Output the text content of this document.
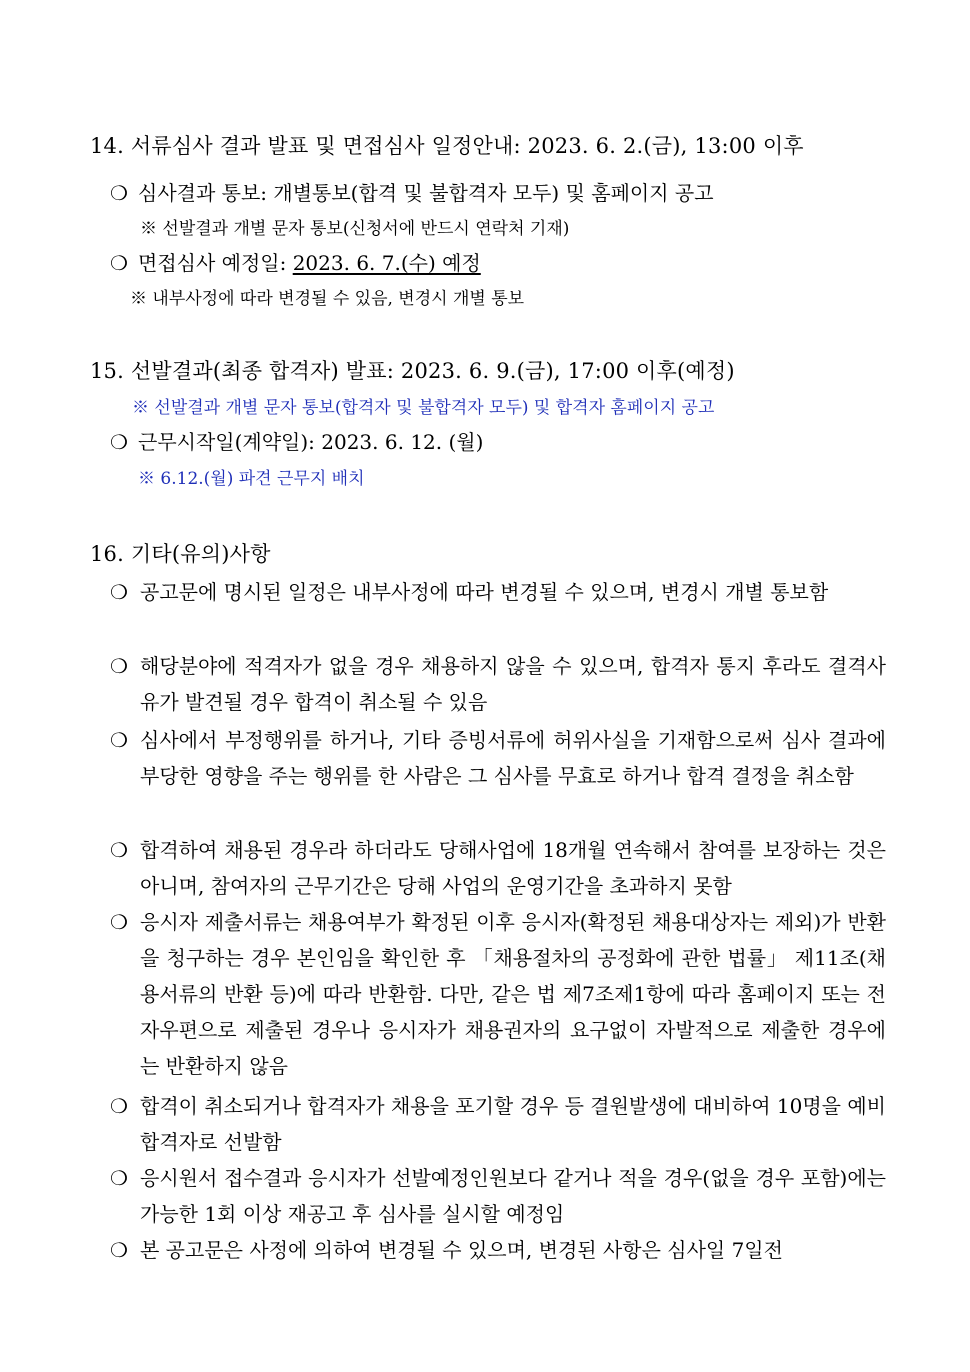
14. 서류심사 결과 발표 및 면접심사 일정안내: 2023. 6. 2.(금), 13:00 이후
❍ 심사결과 통보: 개별통보(합격 및 불합격자 모두) 및 홈페이지 공고
※ 선발결과 개별 문자 통보(신청서에 반드시 연락처 기재)
❍ 면접심사 예정일: 2023. 6. 7.(수) 예정
※ 내부사정에 따라 변경될 수 있음, 변경시 개별 통보
15. 선발결과(최종 합격자) 발표: 2023. 6. 9.(금), 17:00 이후(예정)
※ 선발결과 개별 문자 통보(합격자 및 불합격자 모두) 및 합격자 홈페이지 공고
❍ 근무시작일(계약일): 2023. 6. 12. (월)
※ 6.12.(월) 파견 근무지 배치
16. 기타(유의)사항
❍ 공고문에 명시된 일정은 내부사정에 따라 변경될 수 있으며, 변경시 개별 통보함
❍ 해당분야에 적격자가 없을 경우 채용하지 않을 수 있으며, 합격자 통지 후라도 결격사유가 발견될 경우 합격이 취소될 수 있음
❍ 심사에서 부정행위를 하거나, 기타 증빙서류에 허위사실을 기재함으로써 심사 결과에 부당한 영향을 주는 행위를 한 사람은 그 심사를 무효로 하거나 합격 결정을 취소함
❍ 합격하여 채용된 경우라 하더라도 당해사업에 18개월 연속해서 참여를 보장하는 것은 아니며, 참여자의 근무기간은 당해 사업의 운영기간을 초과하지 못함
❍ 응시자 제출서류는 채용여부가 확정된 이후 응시자(확정된 채용대상자는 제외)가 반환을 청구하는 경우 본인임을 확인한 후 「채용절차의 공정화에 관한 법률」 제11조(채용서류의 반환 등)에 따라 반환함. 다만, 같은 법 제7조제1항에 따라 홈페이지 또는 전자우편으로 제출된 경우나 응시자가 채용권자의 요구없이 자발적으로 제출한 경우에는 반환하지 않음
❍ 합격이 취소되거나 합격자가 채용을 포기할 경우 등 결원발생에 대비하여 10명을 예비 합격자로 선발함
❍ 응시원서 접수결과 응시자가 선발예정인원보다 같거나 적을 경우(없을 경우 포함)에는 가능한 1회 이상 재공고 후 심사를 실시할 예정임
❍ 본 공고문은 사정에 의하여 변경될 수 있으며, 변경된 사항은 심사일 7일전
